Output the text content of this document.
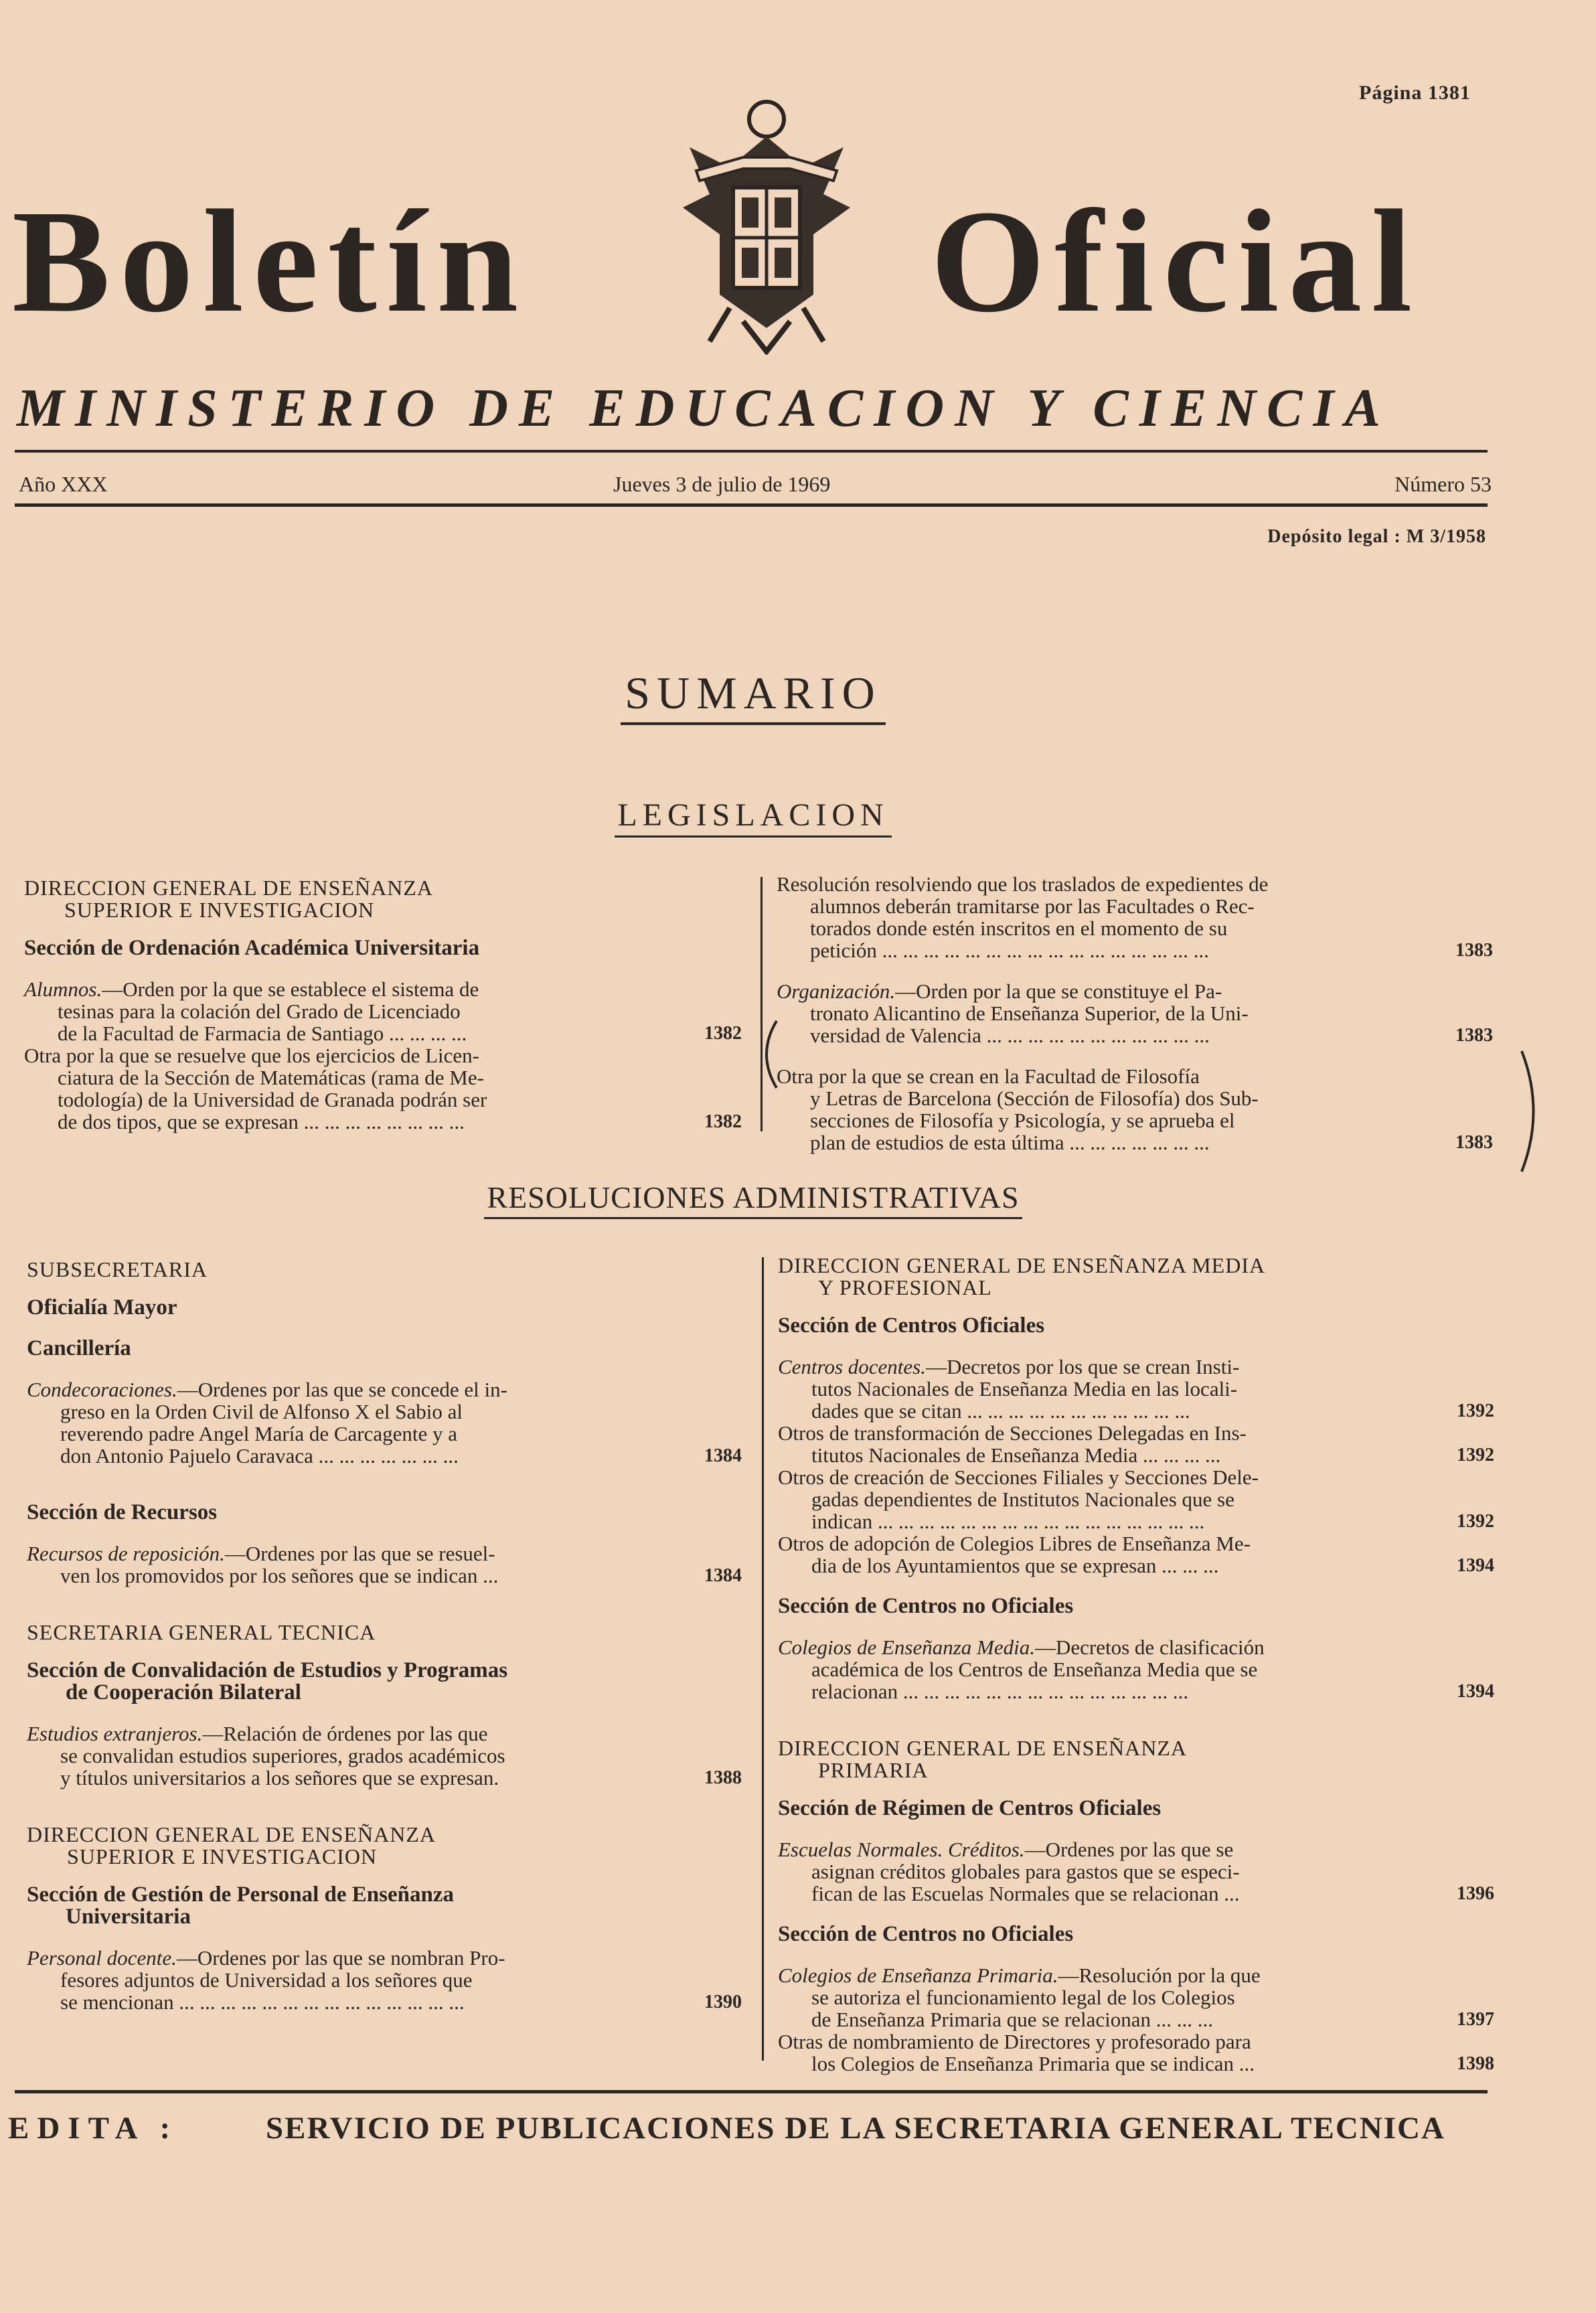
Página 1381
Boletín	Oficial
MINISTERIO DE EDUCACION Y CIENCIA
Año XXX	Jueves 3 de julio de 1969	Número 53
Depósito legal : M 3/1958
SUMARIO
LEGISLACION

DIRECCION GENERAL DE ENSEÑANZA
SUPERIOR E INVESTIGACION

Sección de Ordenación Académica Universitaria

Alumnos.—Orden por la que se establece el sistema de
tesinas para la colación del Grado de Licenciado
de la Facultad de Farmacia de Santiago ... ... ... ...	1382
Otra por la que se resuelve que los ejercicios de Licen-
ciatura de la Sección de Matemáticas (rama de Me-
todología) de la Universidad de Granada podrán ser
de dos tipos, que se expresan ... ... ... ... ... ... ... ...	1382
Resolución resolviendo que los traslados de expedientes de
alumnos deberán tramitarse por las Facultades o Rec-
torados donde estén inscritos en el momento de su
petición ... ... ... ... ... ... ... ... ... ... ... ... ... ... ... ...	1383
Organización.—Orden por la que se constituye el Pa-
tronato Alicantino de Enseñanza Superior, de la Uni-
versidad de Valencia ... ... ... ... ... ... ... ... ... ... ...	1383
Otra por la que se crean en la Facultad de Filosofía
y Letras de Barcelona (Sección de Filosofía) dos Sub-
secciones de Filosofía y Psicología, y se aprueba el
plan de estudios de esta última ... ... ... ... ... ... ...	1383
RESOLUCIONES ADMINISTRATIVAS

SUBSECRETARIA

Oficialía Mayor

Cancillería

Condecoraciones.—Ordenes por las que se concede el in-
greso en la Orden Civil de Alfonso X el Sabio al
reverendo padre Angel María de Carcagente y a
don Antonio Pajuelo Caravaca ... ... ... ... ... ... ...	1384

Sección de Recursos

Recursos de reposición.—Ordenes por las que se resuel-
ven los promovidos por los señores que se indican ...	1384

SECRETARIA GENERAL TECNICA

Sección de Convalidación de Estudios y Programas
de Cooperación Bilateral

Estudios extranjeros.—Relación de órdenes por las que
se convalidan estudios superiores, grados académicos
y títulos universitarios a los señores que se expresan.	1388

DIRECCION GENERAL DE ENSEÑANZA
SUPERIOR E INVESTIGACION

Sección de Gestión de Personal de Enseñanza
Universitaria

Personal docente.—Ordenes por las que se nombran Pro-
fesores adjuntos de Universidad a los señores que
se mencionan ... ... ... ... ... ... ... ... ... ... ... ... ... ...	1390

DIRECCION GENERAL DE ENSEÑANZA MEDIA
Y PROFESIONAL

Sección de Centros Oficiales

Centros docentes.—Decretos por los que se crean Insti-
tutos Nacionales de Enseñanza Media en las locali-
dades que se citan ... ... ... ... ... ... ... ... ... ... ...	1392
Otros de transformación de Secciones Delegadas en Ins-
titutos Nacionales de Enseñanza Media ... ... ... ...	1392
Otros de creación de Secciones Filiales y Secciones Dele-
gadas dependientes de Institutos Nacionales que se
indican ... ... ... ... ... ... ... ... ... ... ... ... ... ... ... ...	1392
Otros de adopción de Colegios Libres de Enseñanza Me-
dia de los Ayuntamientos que se expresan ... ... ...	1394

Sección de Centros no Oficiales

Colegios de Enseñanza Media.—Decretos de clasificación
académica de los Centros de Enseñanza Media que se
relacionan ... ... ... ... ... ... ... ... ... ... ... ... ... ...	1394

DIRECCION GENERAL DE ENSEÑANZA
PRIMARIA

Sección de Régimen de Centros Oficiales

Escuelas Normales. Créditos.—Ordenes por las que se
asignan créditos globales para gastos que se especi-
fican de las Escuelas Normales que se relacionan ...	1396

Sección de Centros no Oficiales

Colegios de Enseñanza Primaria.—Resolución por la que
se autoriza el funcionamiento legal de los Colegios
de Enseñanza Primaria que se relacionan ... ... ...	1397
Otras de nombramiento de Directores y profesorado para
los Colegios de Enseñanza Primaria que se indican ...	1398
EDITA :	SERVICIO DE PUBLICACIONES DE LA SECRETARIA GENERAL TECNICA
